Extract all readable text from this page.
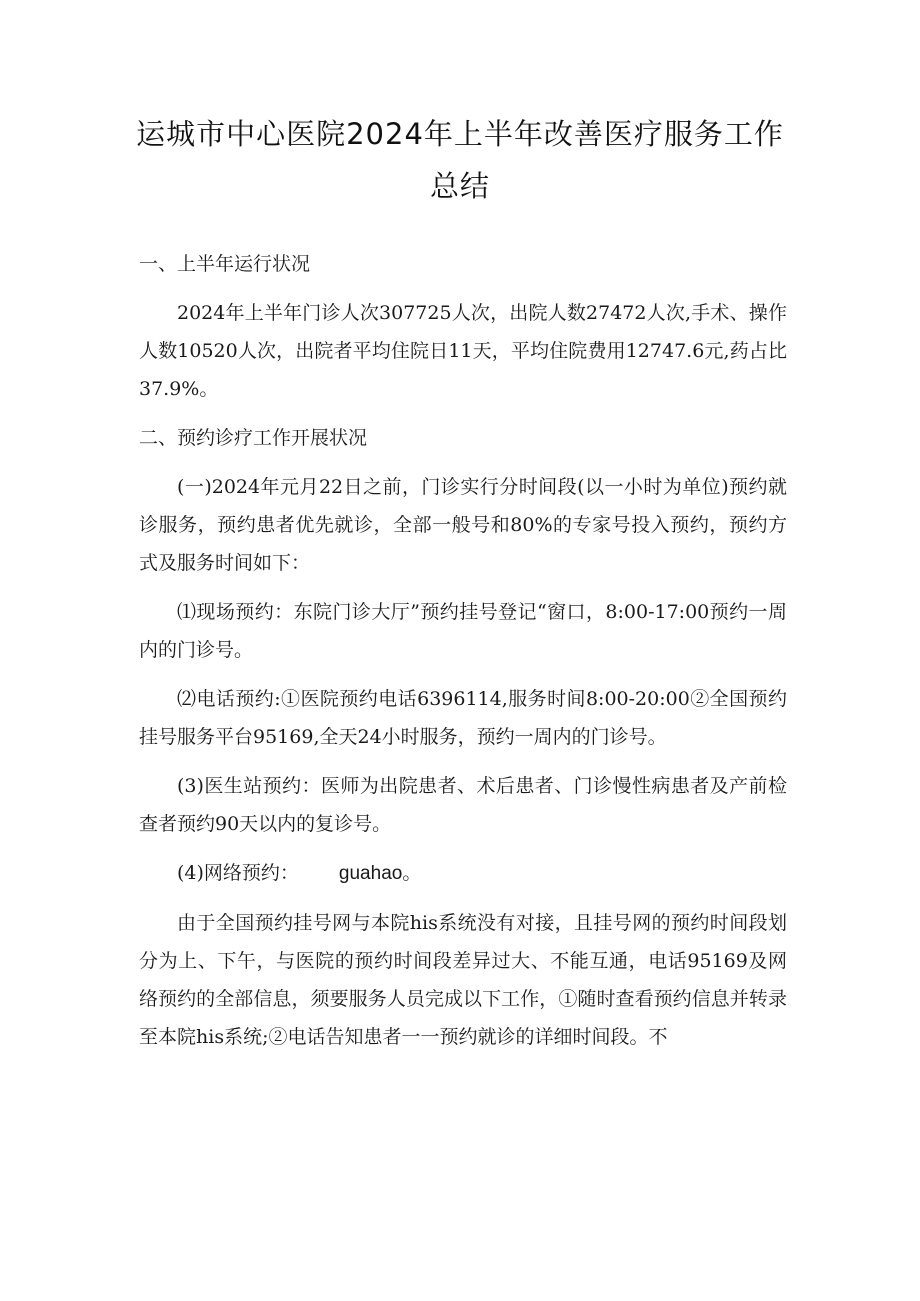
运城市中心医院2024年上半年改善医疗服务工作总结

一、上半年运行状况

2024年上半年门诊人次307725人次，出院人数27472人次,手术、操作人数10520人次，出院者平均住院日11天，平均住院费用12747.6元,药占比37.9%。

二、预约诊疗工作开展状况

(一)2024年元月22日之前，门诊实行分时间段(以一小时为单位)预约就诊服务，预约患者优先就诊，全部一般号和80%的专家号投入预约，预约方式及服务时间如下：

⑴现场预约：东院门诊大厅”预约挂号登记“窗口，8:00-17:00预约一周内的门诊号。

⑵电话预约:①医院预约电话6396114,服务时间8:00-20:00②全国预约挂号服务平台95169,全天24小时服务，预约一周内的门诊号。

(3)医生站预约：医师为出院患者、术后患者、门诊慢性病患者及产前检查者预约90天以内的复诊号。

(4)网络预约： guahao。

由于全国预约挂号网与本院his系统没有对接，且挂号网的预约时间段划分为上、下午，与医院的预约时间段差异过大、不能互通，电话95169及网络预约的全部信息，须要服务人员完成以下工作，①随时查看预约信息并转录至本院his系统;②电话告知患者一一预约就诊的详细时间段。不
